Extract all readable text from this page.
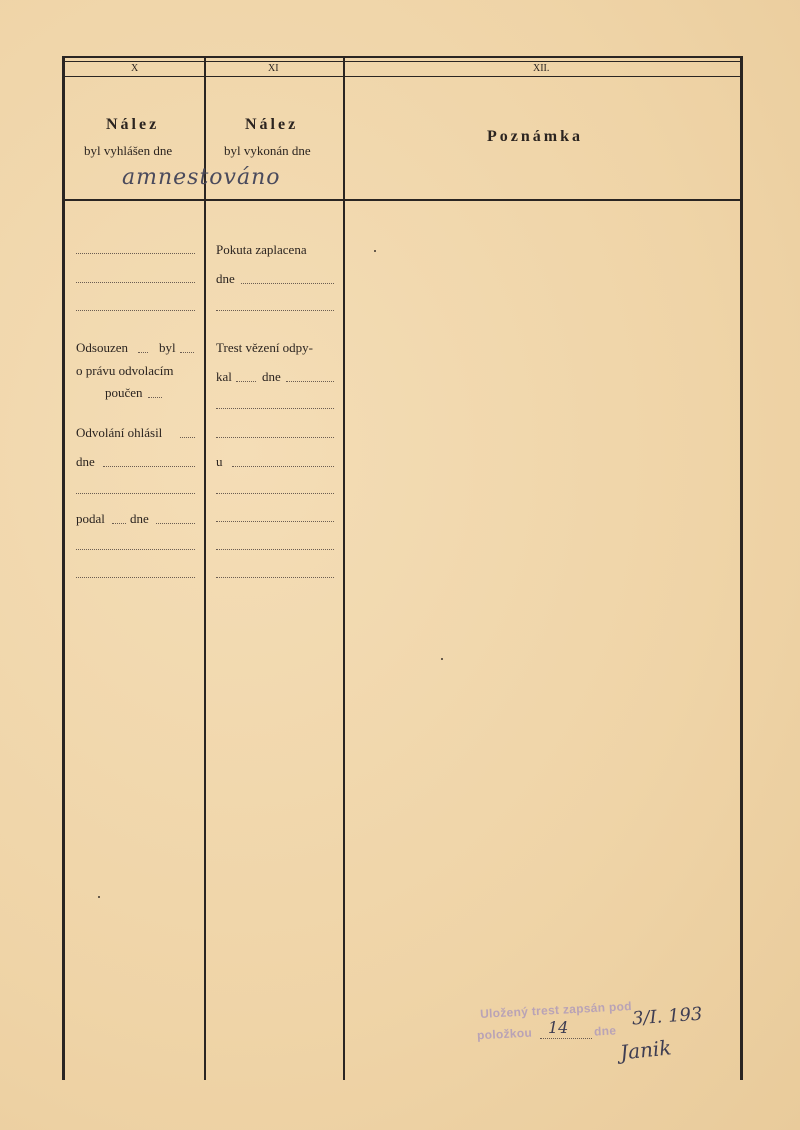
X	XI	XII.
Nález
byl vyhlášen dne
Nález
byl vykonán dne
Poznámka
amnestováno
Odsouzen byl
o právu odvolacím
poučen
Odvolání ohlásil
dne
podal dne
Pokuta zaplacena
dne
Trest vězení odpy-
kal dne
u
Uložený trest zapsán pod
položkou 14 dne
3/I. 193
Janik
